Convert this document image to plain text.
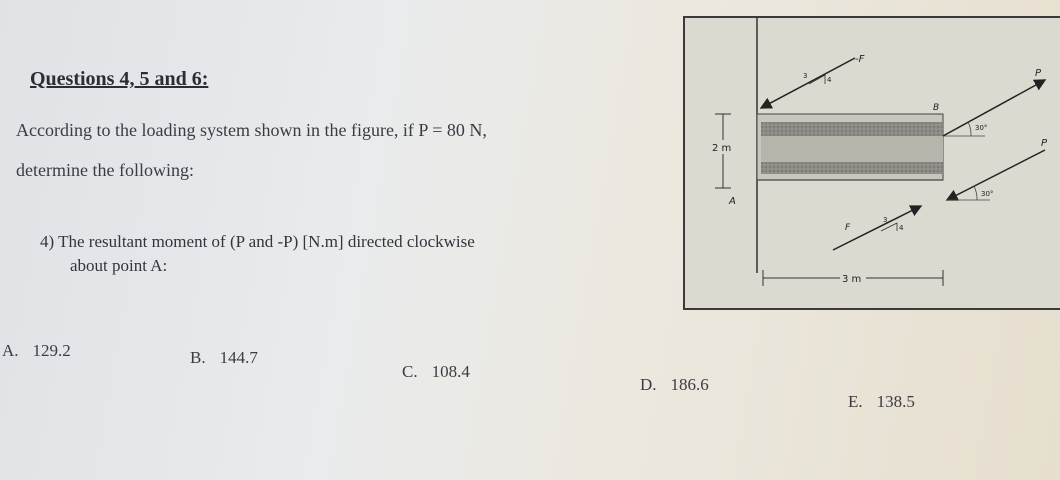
Questions 4, 5 and 6:
According to the loading system shown in the figure, if P = 80 N,
determine the following:
4) The resultant moment of (P and -P) [N.m] directed clockwise
about point A:
A. 129.2	B. 144.7
C. 108.4
D. 186.6
E. 138.5
2 m
A
3 m
3	4
-F
3
4
F
B
30°
P
30°
P
